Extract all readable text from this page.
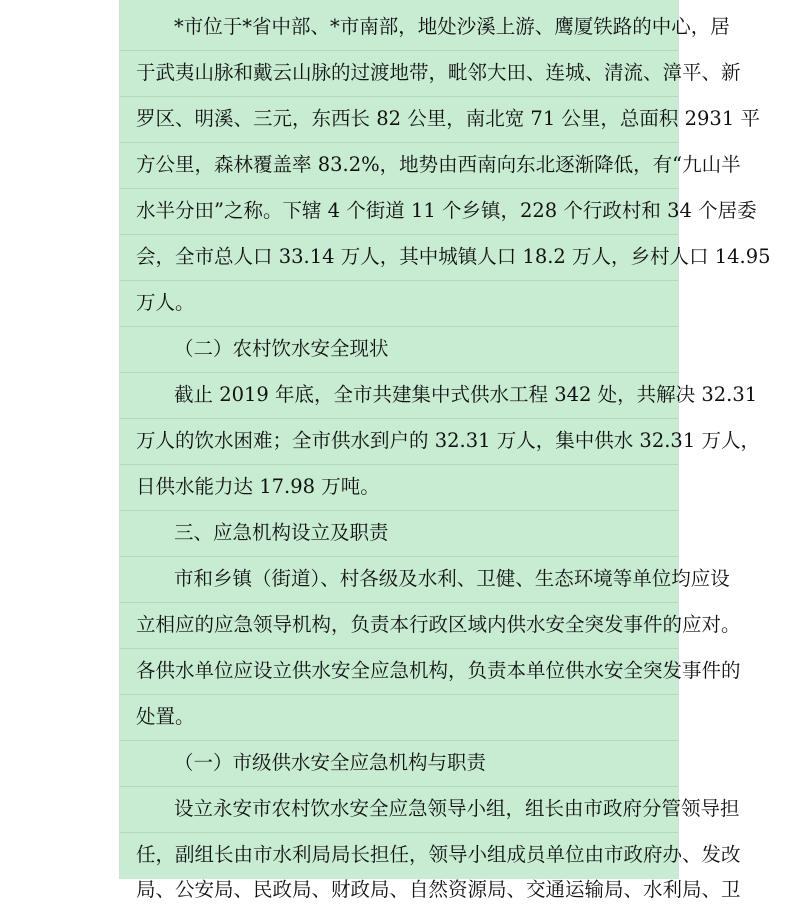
*市位于*省中部、*市南部，地处沙溪上游、鹰厦铁路的中心，居
于武夷山脉和戴云山脉的过渡地带，毗邻大田、连城、清流、漳平、新
罗区、明溪、三元，东西长 82 公里，南北宽 71 公里，总面积 2931 平
方公里，森林覆盖率 83.2%，地势由西南向东北逐渐降低，有“九山半
水半分田”之称。下辖 4 个街道 11 个乡镇，228 个行政村和 34 个居委
会，全市总人口 33.14 万人，其中城镇人口 18.2 万人，乡村人口 14.95
万人。
（二）农村饮水安全现状
截止 2019 年底，全市共建集中式供水工程 342 处，共解决 32.31
万人的饮水困难；全市供水到户的 32.31 万人，集中供水 32.31 万人，
日供水能力达 17.98 万吨。
三、应急机构设立及职责
市和乡镇（街道）、村各级及水利、卫健、生态环境等单位均应设
立相应的应急领导机构，负责本行政区域内供水安全突发事件的应对。
各供水单位应设立供水安全应急机构，负责本单位供水安全突发事件的
处置。
（一）市级供水安全应急机构与职责
设立永安市农村饮水安全应急领导小组，组长由市政府分管领导担
任，副组长由市水利局局长担任，领导小组成员单位由市政府办、发改
局、公安局、民政局、财政局、自然资源局、交通运输局、水利局、卫
